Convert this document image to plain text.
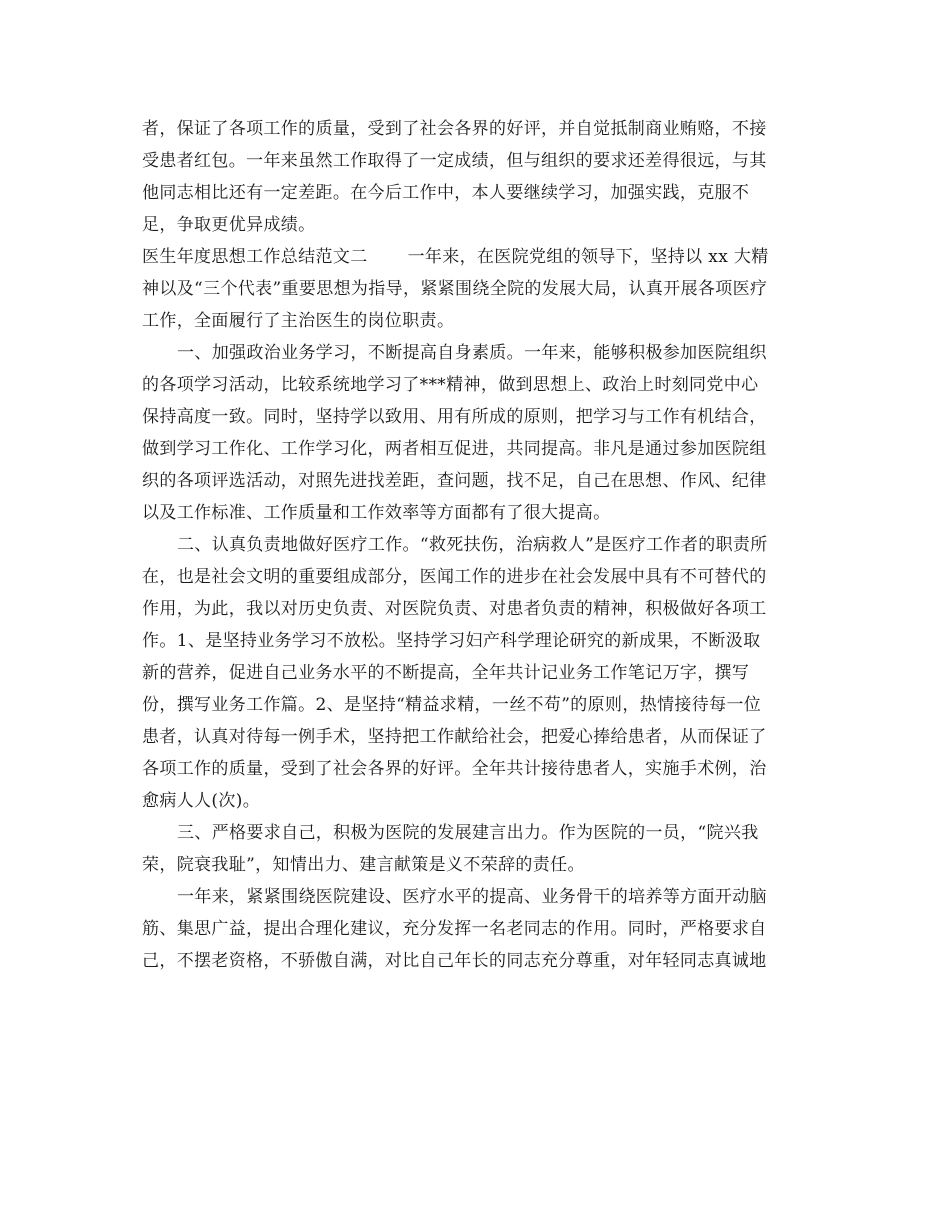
者，保证了各项工作的质量，受到了社会各界的好评，并自觉抵制商业贿赂，不接
受患者红包。一年来虽然工作取得了一定成绩，但与组织的要求还差得很远，与其
他同志相比还有一定差距。在今后工作中，本人要继续学习，加强实践，克服不
足，争取更优异成绩。
医生年度思想工作总结范文二 一年来，在医院党组的领导下，坚持以 xx 大精
神以及“三个代表”重要思想为指导，紧紧围绕全院的发展大局，认真开展各项医疗
工作，全面履行了主治医生的岗位职责。
一、加强政治业务学习，不断提高自身素质。一年来，能够积极参加医院组织
的各项学习活动，比较系统地学习了***精神，做到思想上、政治上时刻同党中心
保持高度一致。同时，坚持学以致用、用有所成的原则，把学习与工作有机结合，
做到学习工作化、工作学习化，两者相互促进，共同提高。非凡是通过参加医院组
织的各项评选活动，对照先进找差距，查问题，找不足，自己在思想、作风、纪律
以及工作标准、工作质量和工作效率等方面都有了很大提高。
二、认真负责地做好医疗工作。“救死扶伤，治病救人”是医疗工作者的职责所
在，也是社会文明的重要组成部分，医闻工作的进步在社会发展中具有不可替代的
作用，为此，我以对历史负责、对医院负责、对患者负责的精神，积极做好各项工
作。1、是坚持业务学习不放松。坚持学习妇产科学理论研究的新成果，不断汲取
新的营养，促进自己业务水平的不断提高，全年共计记业务工作笔记万字，撰写
份，撰写业务工作篇。2、是坚持“精益求精，一丝不苟”的原则，热情接待每一位
患者，认真对待每一例手术，坚持把工作献给社会，把爱心捧给患者，从而保证了
各项工作的质量，受到了社会各界的好评。全年共计接待患者人，实施手术例，治
愈病人人(次)。
三、严格要求自己，积极为医院的发展建言出力。作为医院的一员，“院兴我
荣，院衰我耻”，知情出力、建言献策是义不荣辞的责任。
一年来，紧紧围绕医院建设、医疗水平的提高、业务骨干的培养等方面开动脑
筋、集思广益，提出合理化建议，充分发挥一名老同志的作用。同时，严格要求自
己，不摆老资格，不骄傲自满，对比自己年长的同志充分尊重，对年轻同志真诚地
